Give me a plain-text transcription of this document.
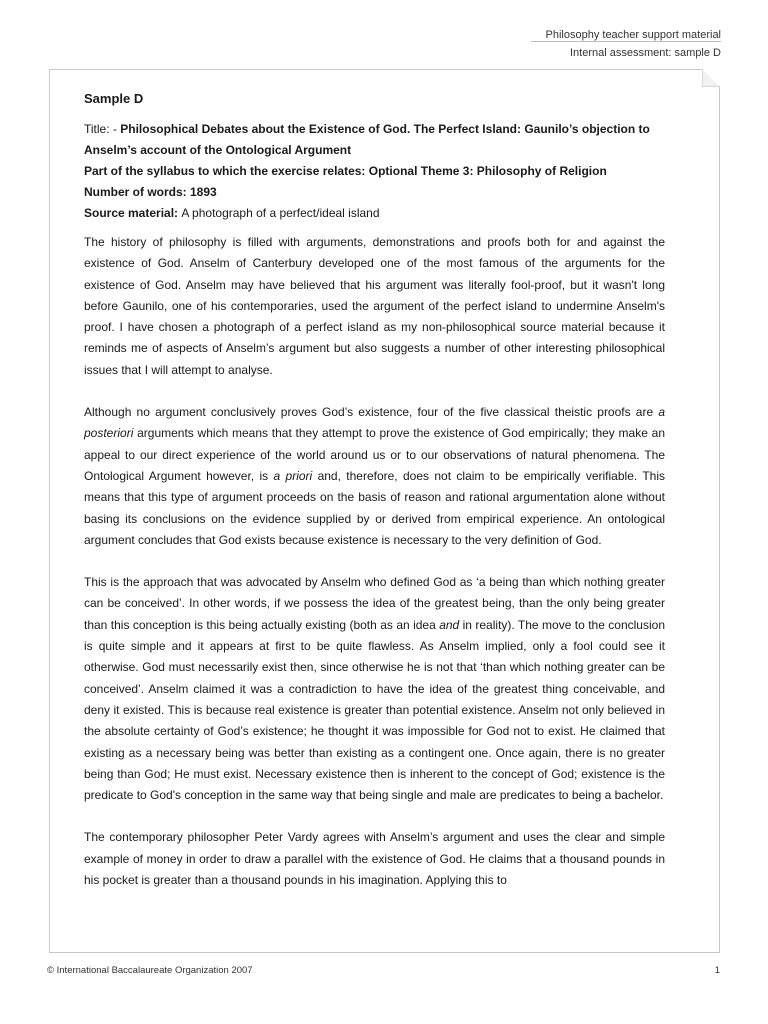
Philosophy teacher support material
Internal assessment: sample D
Sample D
Title: - Philosophical Debates about the Existence of God. The Perfect Island: Gaunilo’s objection to Anselm’s account of the Ontological Argument
Part of the syllabus to which the exercise relates: Optional Theme 3: Philosophy of Religion
Number of words: 1893
Source material: A photograph of a perfect/ideal island

The history of philosophy is filled with arguments, demonstrations and proofs both for and against the existence of God. Anselm of Canterbury developed one of the most famous of the arguments for the existence of God. Anselm may have believed that his argument was literally fool-proof, but it wasn't long before Gaunilo, one of his contemporaries, used the argument of the perfect island to undermine Anselm's proof. I have chosen a photograph of a perfect island as my non-philosophical source material because it reminds me of aspects of Anselm’s argument but also suggests a number of other interesting philosophical issues that I will attempt to analyse.

Although no argument conclusively proves God’s existence, four of the five classical theistic proofs are a posteriori arguments which means that they attempt to prove the existence of God empirically; they make an appeal to our direct experience of the world around us or to our observations of natural phenomena. The Ontological Argument however, is a priori and, therefore, does not claim to be empirically verifiable. This means that this type of argument proceeds on the basis of reason and rational argumentation alone without basing its conclusions on the evidence supplied by or derived from empirical experience. An ontological argument concludes that God exists because existence is necessary to the very definition of God.

This is the approach that was advocated by Anselm who defined God as ‘a being than which nothing greater can be conceived’. In other words, if we possess the idea of the greatest being, than the only being greater than this conception is this being actually existing (both as an idea and in reality). The move to the conclusion is quite simple and it appears at first to be quite flawless. As Anselm implied, only a fool could see it otherwise. God must necessarily exist then, since otherwise he is not that ‘than which nothing greater can be conceived’. Anselm claimed it was a contradiction to have the idea of the greatest thing conceivable, and deny it existed. This is because real existence is greater than potential existence. Anselm not only believed in the absolute certainty of God’s existence; he thought it was impossible for God not to exist. He claimed that existing as a necessary being was better than existing as a contingent one. Once again, there is no greater being than God; He must exist. Necessary existence then is inherent to the concept of God; existence is the predicate to God's conception in the same way that being single and male are predicates to being a bachelor.

The contemporary philosopher Peter Vardy agrees with Anselm’s argument and uses the clear and simple example of money in order to draw a parallel with the existence of God. He claims that a thousand pounds in his pocket is greater than a thousand pounds in his imagination. Applying this to

© International Baccalaureate Organization 2007	1
